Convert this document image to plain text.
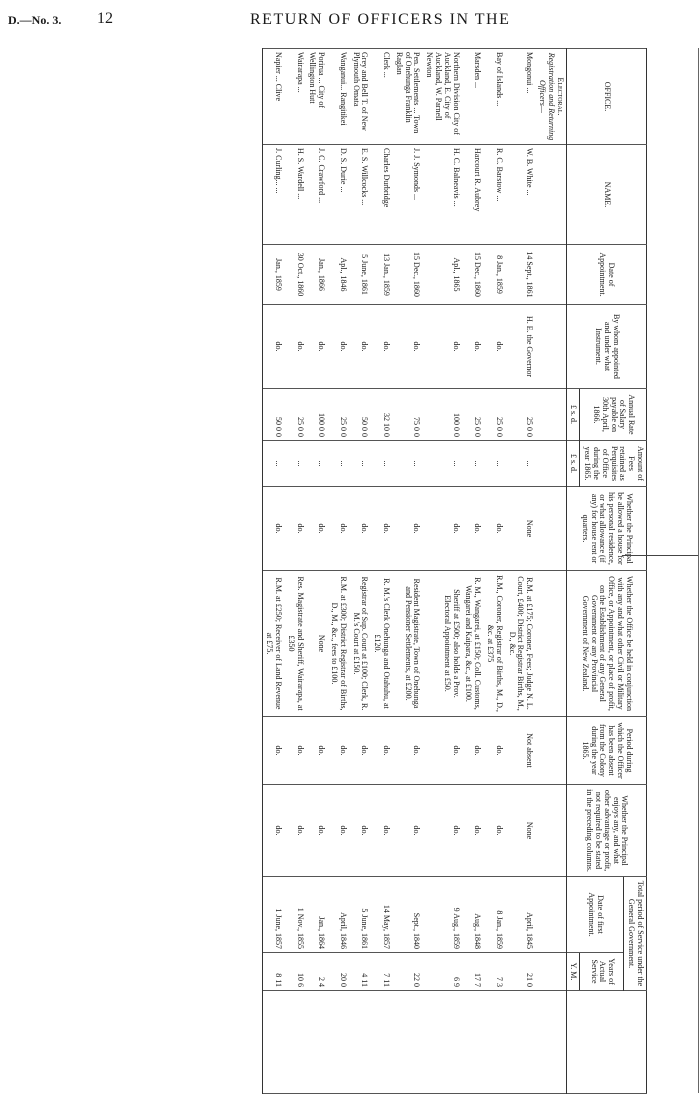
D.—No. 3. 12	RETURN OF OFFICERS IN THE
OFFICE.	NAME.	Date of Appointment.	By whom appointed and under what Instrument.	Annual Rate of Salary payable on 30th April, 1866.	Amount of Fees retained as Perquisites of Office during the year 1865.	Whether the Principal be allowed a house for his personal residence, or what allowance (if any) for house rent or quarters.	Whether the Office be held in conjunction with any and what other Civil or Military Office, or Appointment, or place of profit, on the Establishment of any General Government or any Provincial Government of New Zealand.	Period during which the Officer has been absent from the Colony during the year 1865.	Whether the Principal enjoys any, and what other advantage or profit, not required to be stated in the preceding columns.	Total period of Service under the General Government.		
										Date of first Appointment.	Years of Actual Service	
				£ s. d.	£ s. d.						Y. M.	

Electoral.
Registration and Returning Officers—												

Mongonui ...	W. B. White ...	14 Sept., 1861	H. E. the Governor	25 0 0	...	None	R.M. at £175; Coroner, Fees; Judge N. L. Court, £400; District Registrar Births, M., D., &c.	Not absent	None	April, 1845	21 0	
Bay of Islands ...	R. C. Barstow ...	8 Jan., 1859	do.	25 0 0	...	do.	R.M., Coroner, Registrar of Births, M., D., &c. at £375	do.	do.	8 Jan., 1859	7 3	
Marsden ...	Harcourt R. Aubrey	15 Dec., 1860	do.	25 0 0	...	do.	R. M., Wangarei, at £150; Coll. Customs, Wangarei and Kaipara, &c., at £100.	do.	do.	Aug., 1848	17 7	
Northern Division City of Auckland, E. City of Auckland, W. Parnell Newton	H. C. Balneavis ...	Apl., 1865	do.	100 0 0	...	do.	Sheriff at £500; also holds a Prov. Electoral Appointment at £50.	do.	do.	9 Aug., 1859	6 9	
Pen. Settlements ... Town of Onehunga Franklin Raglan	J. J. Symonds ...	15 Dec., 1860	do.	75 0 0	...	do.	Resident Magistrate, Town of Onehunga and Pensioner Settlements, at £200.	do.	do.	Sept., 1840	22 0	
Clerk ...	Charles Durbridge	13 Jan., 1859	do.	32 10 0	...	do.	R. M.'s Clerk Onehunga and Otahuhu, at £120.	do.	do.	14 May, 1857	7 11	
Grey and Bell T. of New Plymouth Omata	E. S. Willcocks ...	5 June, 1861	do.	50 0 0	...	do.	Registrar of Sup. Court at £100; Clerk, R. M.'s Court at £150.	do.	do.	5 June, 1861	4 11	
Wanganui... Rangitikei	D. S. Durie ...	Apl., 1846	do.	25 0 0	...	do.	R.M. at £300; District Registrar of Births, D., M., &c., fees to £100.	do.	do.	April, 1846	20 0	
Porirua ... City of Wellington Hutt	J. C. Crawford ...	Jan., 1866	do.	100 0 0	...	do.	None	do.	do.	Jan., 1864	2 4	
Wairarapa ...	H. S. Wardell ...	30 Oct., 1860	do.	25 0 0	...	do.	Res. Magistrate and Sheriff, Wairarapa, at £350	do.	do.	1 Nov., 1855	10 6	
Napier ... Clive	J. Curling... ...	Jan., 1859	do.	50 0 0	...	do.	R.M. at £250; Receiver of Land Revenue at £75.	do.	do.	1 June, 1857	8 11	
